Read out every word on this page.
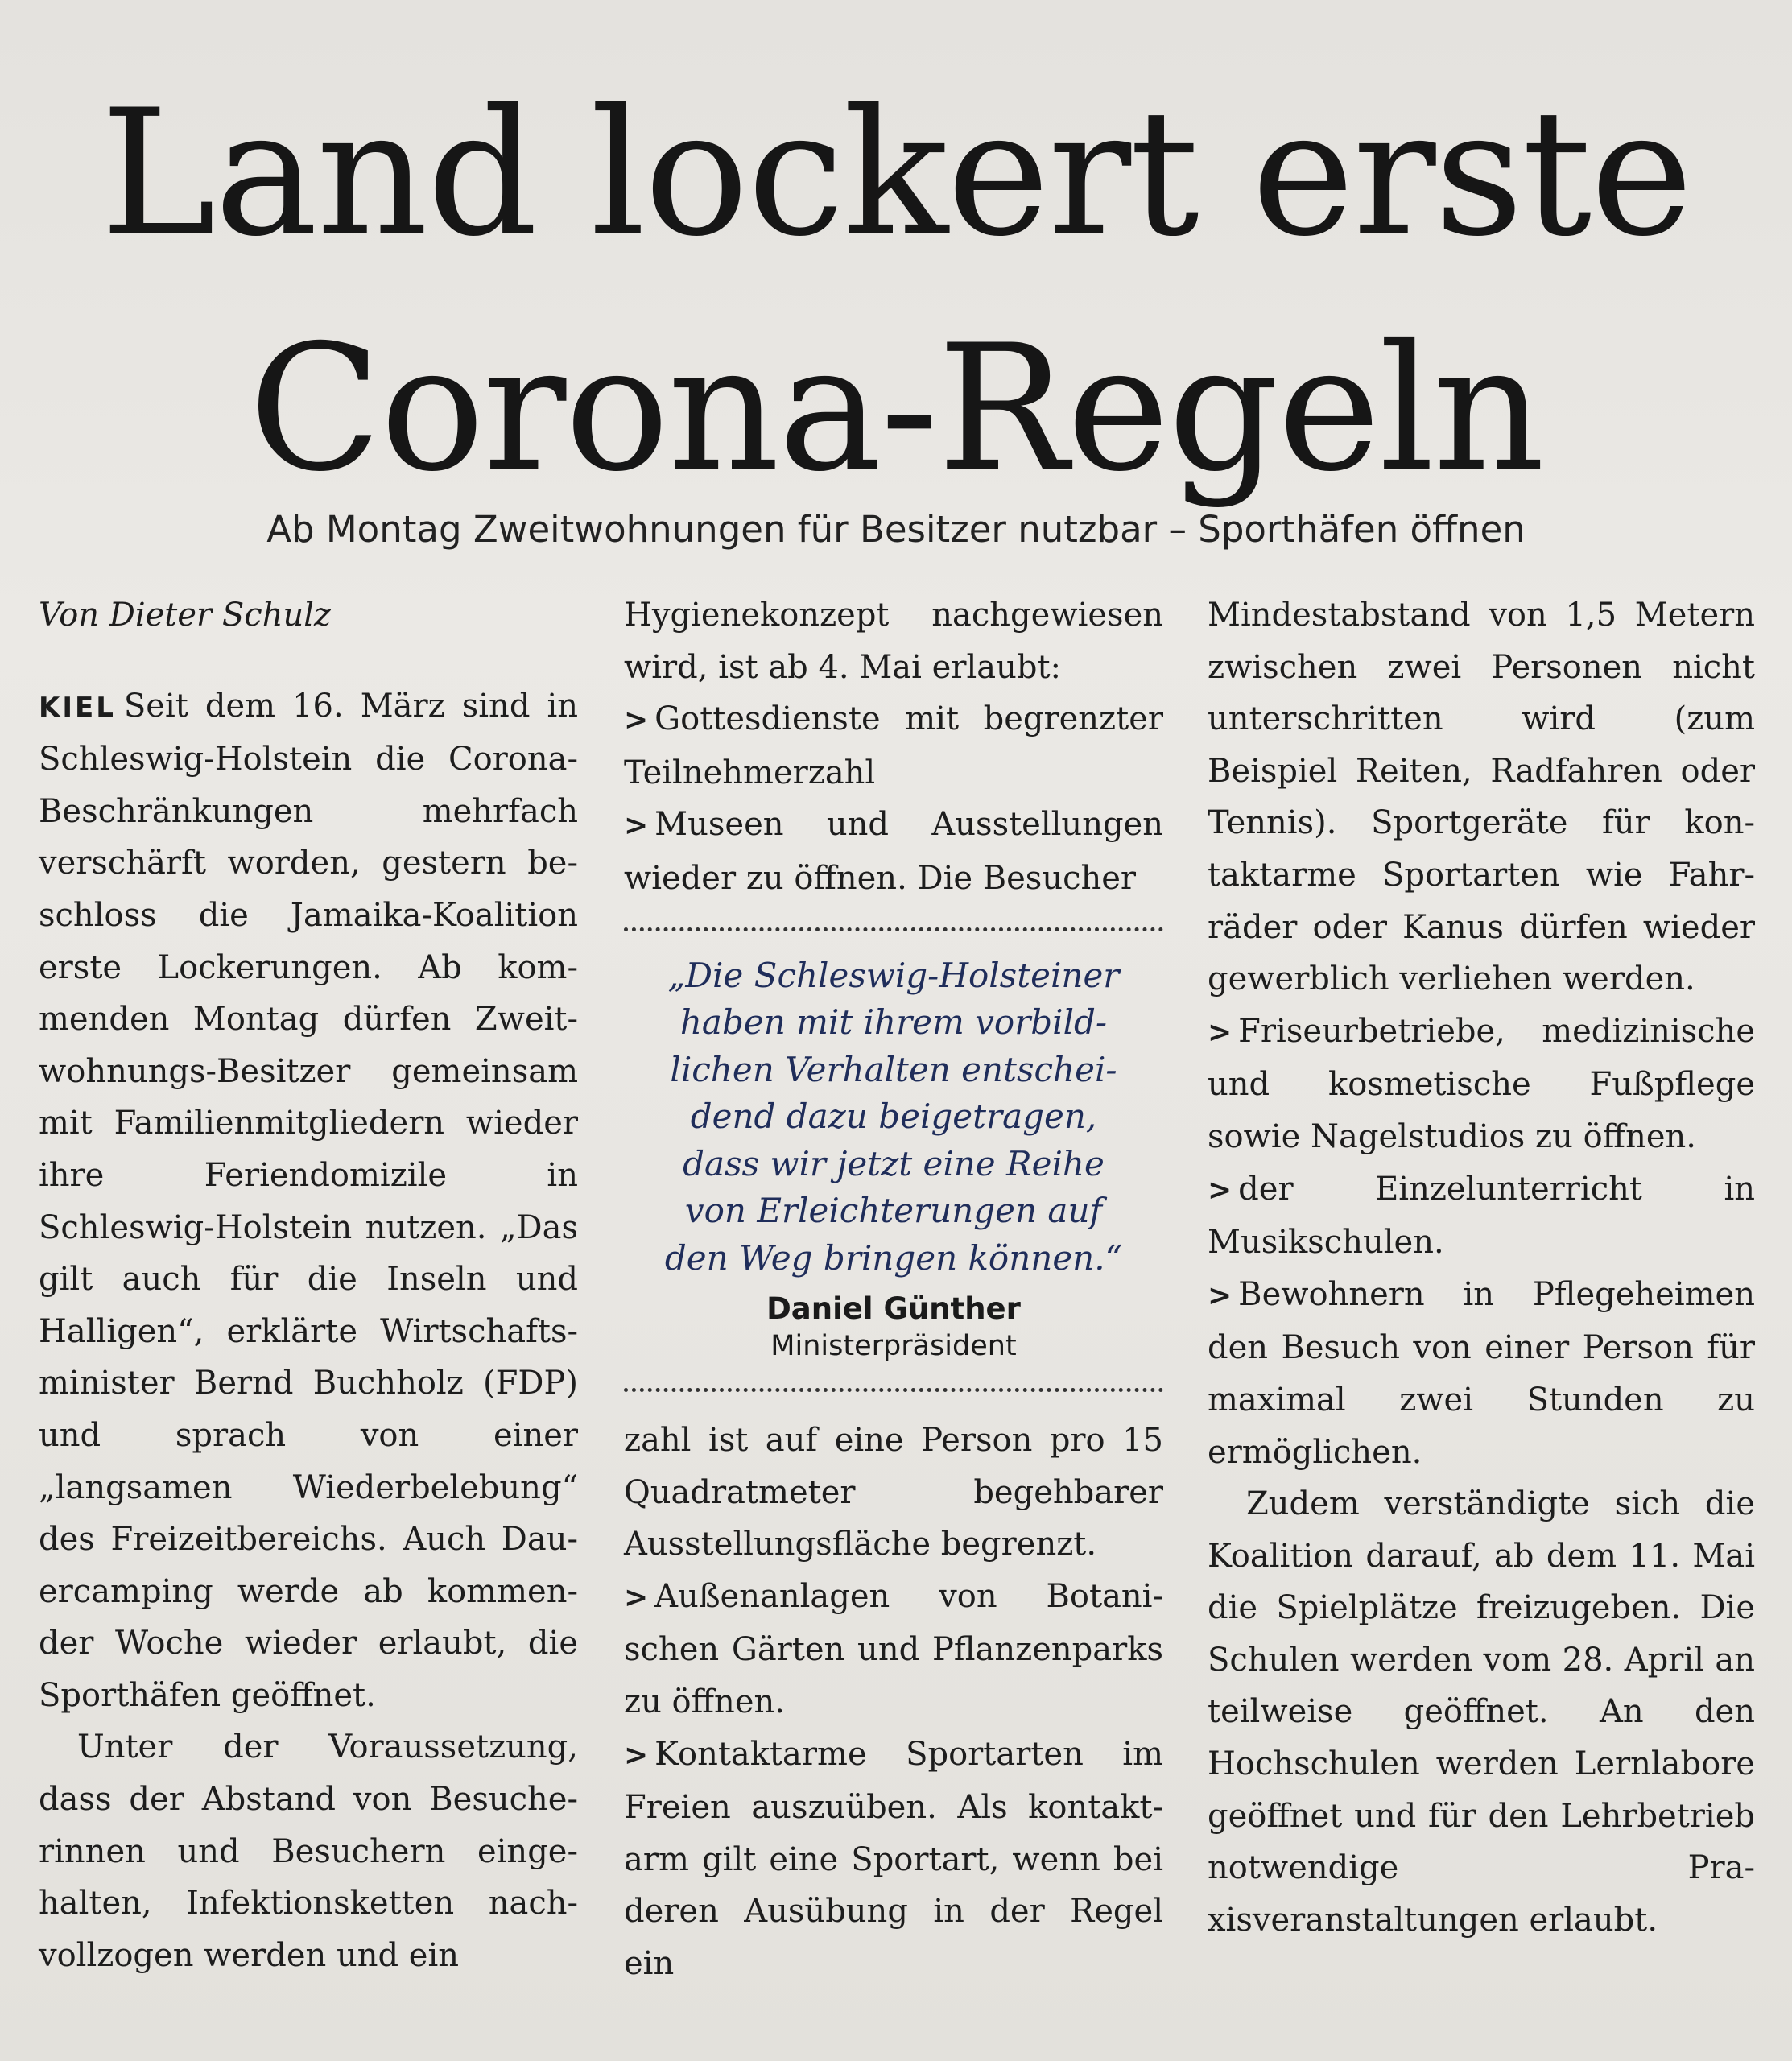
Land lockert erste
Corona-Regeln
Ab Montag Zweitwohnungen für Besitzer nutzbar – Sporthäfen öffnen

Von Dieter Schulz

KIEL Seit dem 16. März sind in Schleswig-Holstein die Corona-Beschränkungen mehrfach verschärft worden, gestern beschloss die Jamaika-Koalition erste Lockerungen. Ab kommenden Montag dürfen Zweitwohnungs-Besitzer gemeinsam mit Familienmitgliedern wieder ihre Feriendomizile in Schleswig-Holstein nutzen. „Das gilt auch für die Inseln und Halligen“, erklärte Wirtschaftsminister Bernd Buchholz (FDP) und sprach von einer „langsamen Wiederbelebung“ des Freizeitbereichs. Auch Dauercamping werde ab kommender Woche wieder erlaubt, die Sporthäfen geöffnet.

Unter der Voraussetzung, dass der Abstand von Besucherinnen und Besuchern eingehalten, Infektionsketten nachvollzogen werden und ein

Hygienekonzept nachgewiesen wird, ist ab 4. Mai erlaubt:

> Gottesdienste mit begrenzter Teilnehmerzahl

> Museen und Ausstellungen wieder zu öffnen. Die Besucher

„Die Schleswig-Holsteiner
haben mit ihrem vorbild-
lichen Verhalten entschei-
dend dazu beigetragen,
dass wir jetzt eine Reihe
von Erleichterungen auf
den Weg bringen können.“
Daniel Günther
Ministerpräsident

zahl ist auf eine Person pro 15 Quadratmeter begehbarer Ausstellungsfläche begrenzt.

> Außenanlagen von Botanischen Gärten und Pflanzenparks zu öffnen.

> Kontaktarme Sportarten im Freien auszuüben. Als kontaktarm gilt eine Sportart, wenn bei deren Ausübung in der Regel ein

Mindestabstand von 1,5 Metern zwischen zwei Personen nicht unterschritten wird (zum Beispiel Reiten, Radfahren oder Tennis). Sportgeräte für kontaktarme Sportarten wie Fahrräder oder Kanus dürfen wieder gewerblich verliehen werden.

> Friseurbetriebe, medizinische und kosmetische Fußpflege sowie Nagelstudios zu öffnen.

> der Einzelunterricht in Musikschulen.

> Bewohnern in Pflegeheimen den Besuch von einer Person für maximal zwei Stunden zu ermöglichen.

Zudem verständigte sich die Koalition darauf, ab dem 11. Mai die Spielplätze freizugeben. Die Schulen werden vom 28. April an teilweise geöffnet. An den Hochschulen werden Lernlabore geöffnet und für den Lehrbetrieb notwendige Praxisveranstaltungen erlaubt.
